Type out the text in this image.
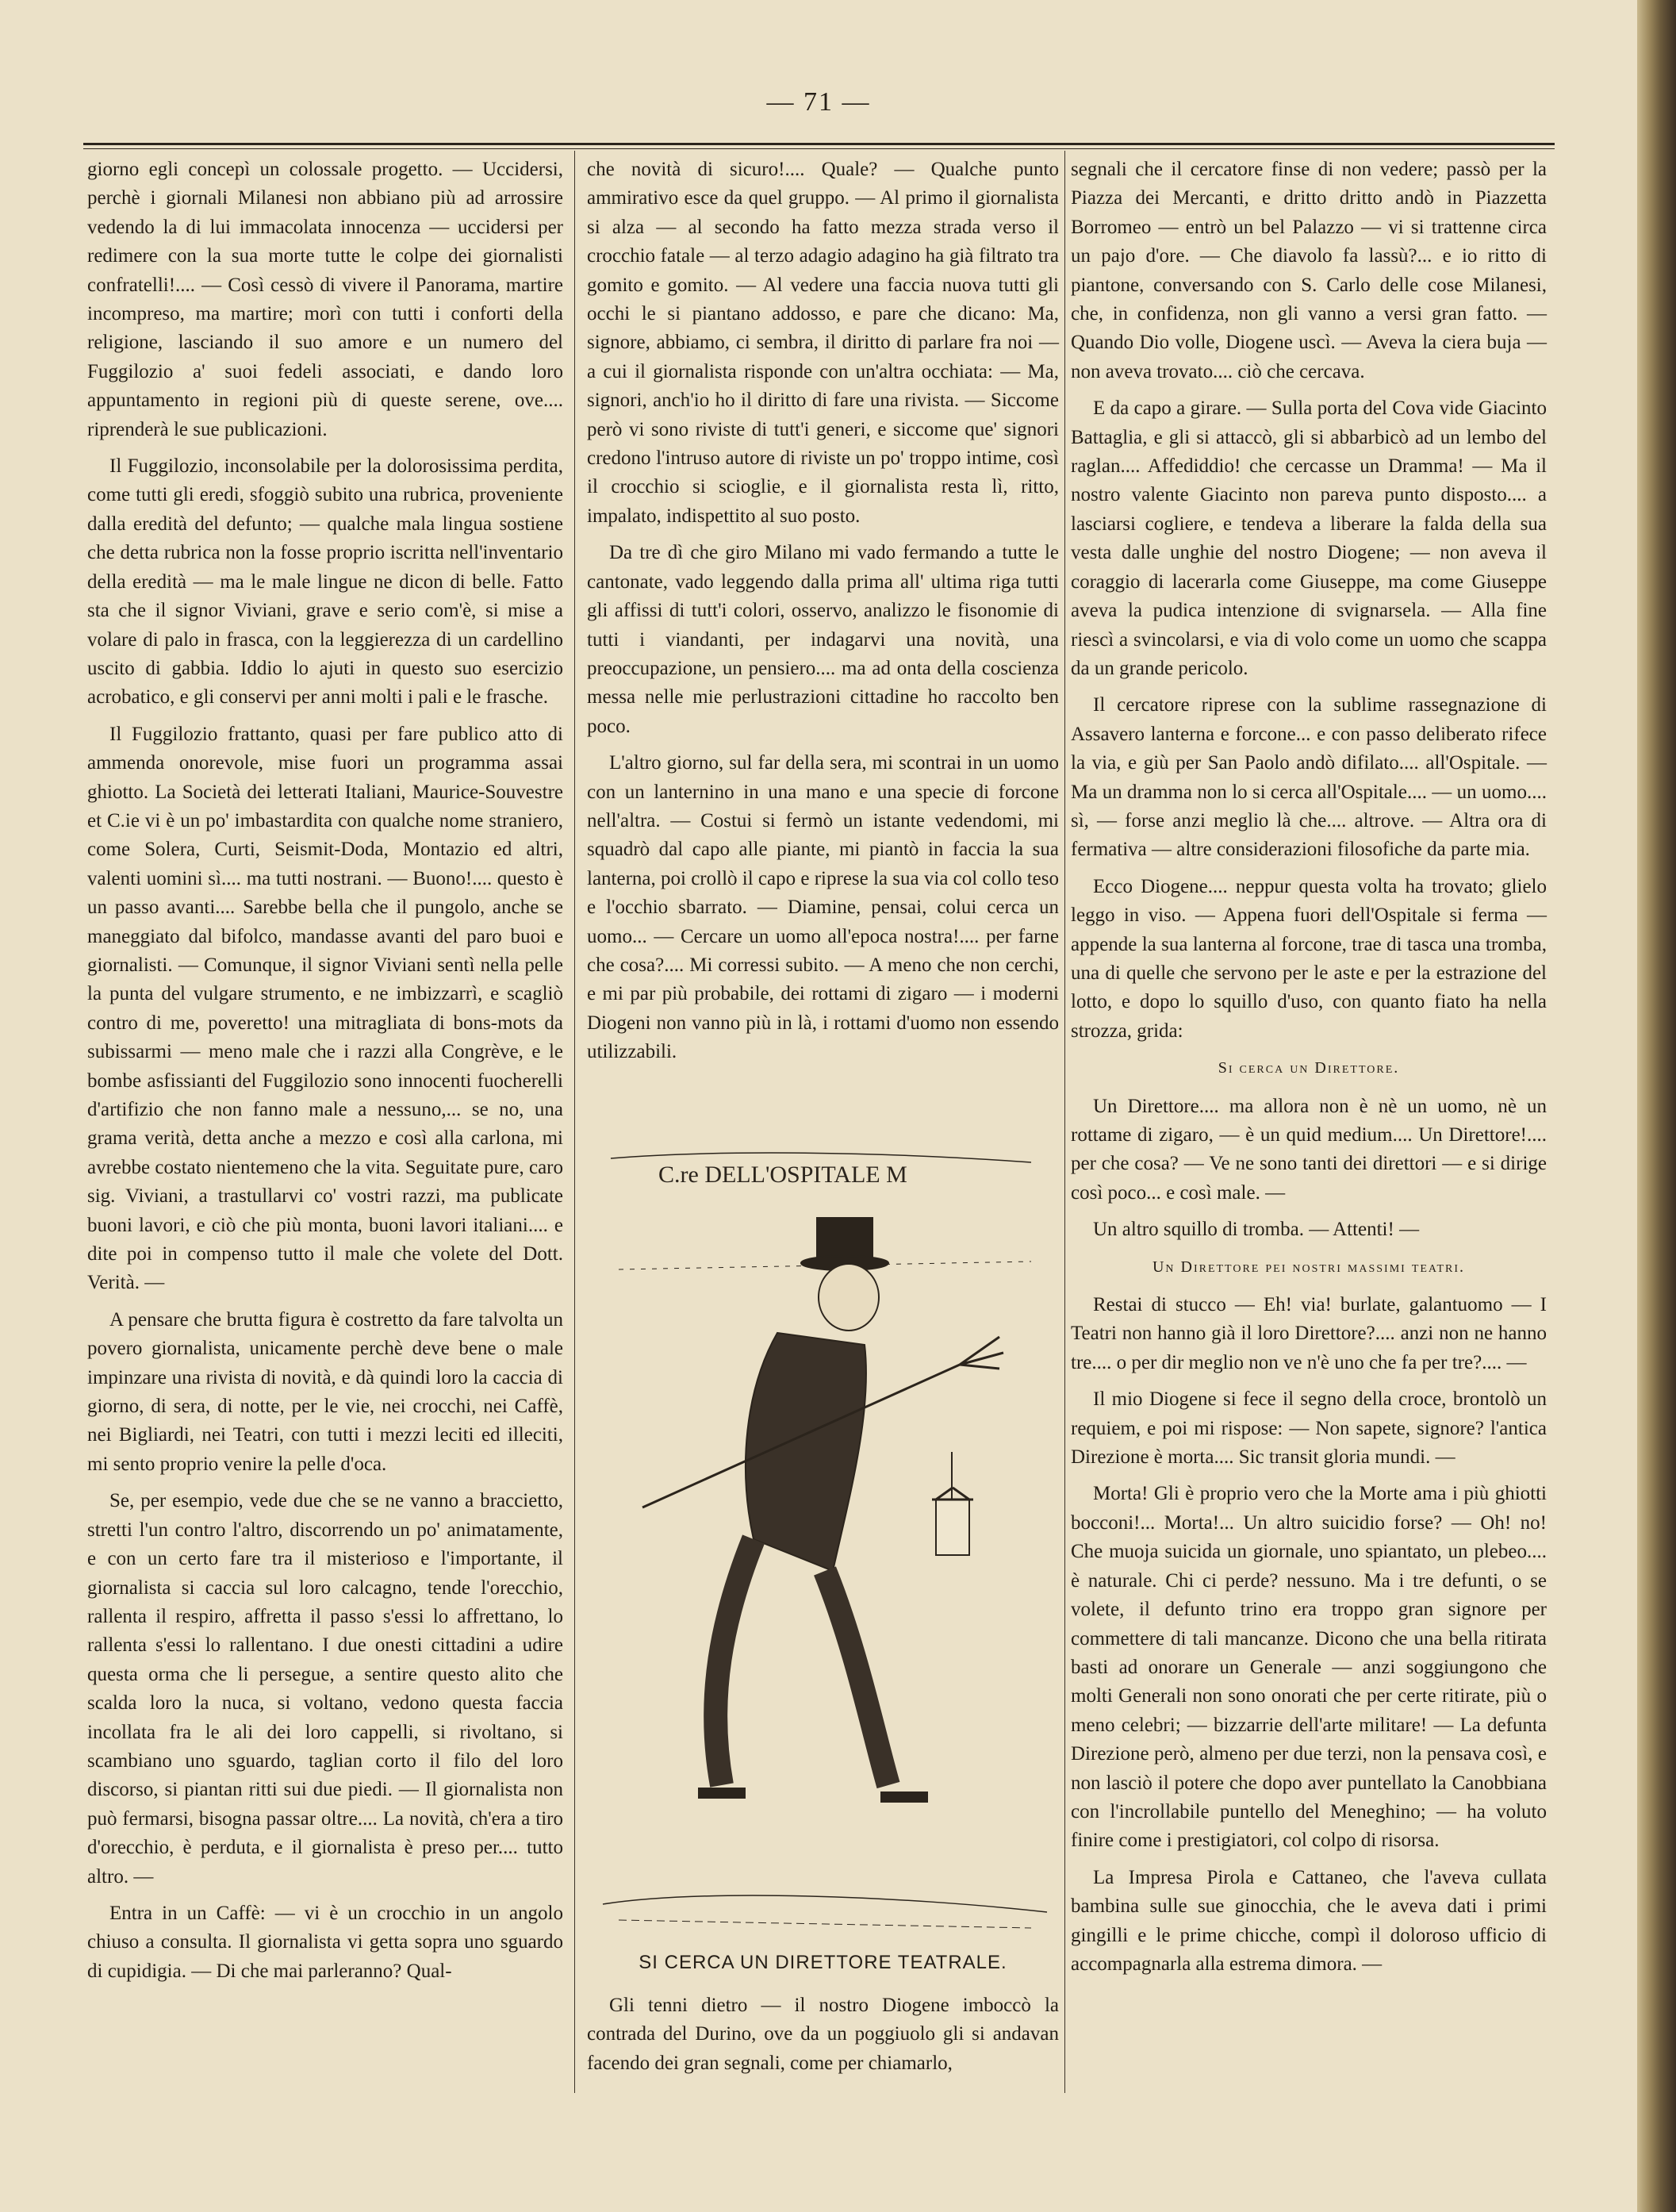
— 71 —

giorno egli concepì un colossale progetto. — Uccidersi, perchè i giornali Milanesi non abbiano più ad arrossire vedendo la di lui immacolata innocenza — uccidersi per redimere con la sua morte tutte le colpe dei giornalisti confratelli!.... — Così cessò di vivere il Panorama, martire incompreso, ma martire; morì con tutti i conforti della religione, lasciando il suo amore e un numero del Fuggilozio a' suoi fedeli associati, e dando loro appuntamento in regioni più di queste serene, ove.... riprenderà le sue publicazioni.

Il Fuggilozio, inconsolabile per la dolorosissima perdita, come tutti gli eredi, sfoggiò subito una rubrica, proveniente dalla eredità del defunto; — qualche mala lingua sostiene che detta rubrica non la fosse proprio iscritta nell'inventario della eredità — ma le male lingue ne dicon di belle. Fatto sta che il signor Viviani, grave e serio com'è, si mise a volare di palo in frasca, con la leggierezza di un cardellino uscito di gabbia. Iddio lo ajuti in questo suo esercizio acrobatico, e gli conservi per anni molti i pali e le frasche.

Il Fuggilozio frattanto, quasi per fare publico atto di ammenda onorevole, mise fuori un programma assai ghiotto. La Società dei letterati Italiani, Maurice-Souvestre et C.ie vi è un po' imbastardita con qualche nome straniero, come Solera, Curti, Seismit-Doda, Montazio ed altri, valenti uomini sì.... ma tutti nostrani. — Buono!.... questo è un passo avanti.... Sarebbe bella che il pungolo, anche se maneggiato dal bifolco, mandasse avanti del paro buoi e giornalisti. — Comunque, il signor Viviani sentì nella pelle la punta del vulgare strumento, e ne imbizzarrì, e scagliò contro di me, poveretto! una mitragliata di bons-mots da subissarmi — meno male che i razzi alla Congrève, e le bombe asfissianti del Fuggilozio sono innocenti fuocherelli d'artifizio che non fanno male a nessuno,... se no, una grama verità, detta anche a mezzo e così alla carlona, mi avrebbe costato nientemeno che la vita. Seguitate pure, caro sig. Viviani, a trastullarvi co' vostri razzi, ma publicate buoni lavori, e ciò che più monta, buoni lavori italiani.... e dite poi in compenso tutto il male che volete del Dott. Verità. —

A pensare che brutta figura è costretto da fare talvolta un povero giornalista, unicamente perchè deve bene o male impinzare una rivista di novità, e dà quindi loro la caccia di giorno, di sera, di notte, per le vie, nei crocchi, nei Caffè, nei Bigliardi, nei Teatri, con tutti i mezzi leciti ed illeciti, mi sento proprio venire la pelle d'oca.

Se, per esempio, vede due che se ne vanno a braccietto, stretti l'un contro l'altro, discorrendo un po' animatamente, e con un certo fare tra il misterioso e l'importante, il giornalista si caccia sul loro calcagno, tende l'orecchio, rallenta il respiro, affretta il passo s'essi lo affrettano, lo rallenta s'essi lo rallentano. I due onesti cittadini a udire questa orma che li persegue, a sentire questo alito che scalda loro la nuca, si voltano, vedono questa faccia incollata fra le ali dei loro cappelli, si rivoltano, si scambiano uno sguardo, taglian corto il filo del loro discorso, si piantan ritti sui due piedi. — Il giornalista non può fermarsi, bisogna passar oltre.... La novità, ch'era a tiro d'orecchio, è perduta, e il giornalista è preso per.... tutto altro. —

Entra in un Caffè: — vi è un crocchio in un angolo chiuso a consulta. Il giornalista vi getta sopra uno sguardo di cupidigia. — Di che mai parleranno? Qual-

che novità di sicuro!.... Quale? — Qualche punto ammirativo esce da quel gruppo. — Al primo il giornalista si alza — al secondo ha fatto mezza strada verso il crocchio fatale — al terzo adagio adagino ha già filtrato tra gomito e gomito. — Al vedere una faccia nuova tutti gli occhi le si piantano addosso, e pare che dicano: Ma, signore, abbiamo, ci sembra, il diritto di parlare fra noi — a cui il giornalista risponde con un'altra occhiata: — Ma, signori, anch'io ho il diritto di fare una rivista. — Siccome però vi sono riviste di tutt'i generi, e siccome que' signori credono l'intruso autore di riviste un po' troppo intime, così il crocchio si scioglie, e il giornalista resta lì, ritto, impalato, indispettito al suo posto.

Da tre dì che giro Milano mi vado fermando a tutte le cantonate, vado leggendo dalla prima all' ultima riga tutti gli affissi di tutt'i colori, osservo, analizzo le fisonomie di tutti i viandanti, per indagarvi una novità, una preoccupazione, un pensiero.... ma ad onta della coscienza messa nelle mie perlustrazioni cittadine ho raccolto ben poco.

L'altro giorno, sul far della sera, mi scontrai in un uomo con un lanternino in una mano e una specie di forcone nell'altra. — Costui si fermò un istante vedendomi, mi squadrò dal capo alle piante, mi piantò in faccia la sua lanterna, poi crollò il capo e riprese la sua via col collo teso e l'occhio sbarrato. — Diamine, pensai, colui cerca un uomo... — Cercare un uomo all'epoca nostra!.... per farne che cosa?.... Mi corressi subito. — A meno che non cerchi, e mi par più probabile, dei rottami di zigaro — i moderni Diogeni non vanno più in là, i rottami d'uomo non essendo utilizzabili.

C.re DELL'OSPITALE M
SI CERCA UN DIRETTORE TEATRALE.

Gli tenni dietro — il nostro Diogene imboccò la contrada del Durino, ove da un poggiuolo gli si andavan facendo dei gran segnali, come per chiamarlo,

segnali che il cercatore finse di non vedere; passò per la Piazza dei Mercanti, e dritto dritto andò in Piazzetta Borromeo — entrò un bel Palazzo — vi si trattenne circa un pajo d'ore. — Che diavolo fa lassù?... e io ritto di piantone, conversando con S. Carlo delle cose Milanesi, che, in confidenza, non gli vanno a versi gran fatto. — Quando Dio volle, Diogene uscì. — Aveva la ciera buja — non aveva trovato.... ciò che cercava.

E da capo a girare. — Sulla porta del Cova vide Giacinto Battaglia, e gli si attaccò, gli si abbarbicò ad un lembo del raglan.... Affediddio! che cercasse un Dramma! — Ma il nostro valente Giacinto non pareva punto disposto.... a lasciarsi cogliere, e tendeva a liberare la falda della sua vesta dalle unghie del nostro Diogene; — non aveva il coraggio di lacerarla come Giuseppe, ma come Giuseppe aveva la pudica intenzione di svignarsela. — Alla fine riescì a svincolarsi, e via di volo come un uomo che scappa da un grande pericolo.

Il cercatore riprese con la sublime rassegnazione di Assavero lanterna e forcone... e con passo deliberato rifece la via, e giù per San Paolo andò difilato.... all'Ospitale. — Ma un dramma non lo si cerca all'Ospitale.... — un uomo.... sì, — forse anzi meglio là che.... altrove. — Altra ora di fermativa — altre considerazioni filosofiche da parte mia.

Ecco Diogene.... neppur questa volta ha trovato; glielo leggo in viso. — Appena fuori dell'Ospitale si ferma — appende la sua lanterna al forcone, trae di tasca una tromba, una di quelle che servono per le aste e per la estrazione del lotto, e dopo lo squillo d'uso, con quanto fiato ha nella strozza, grida:

Si cerca un Direttore.

Un Direttore.... ma allora non è nè un uomo, nè un rottame di zigaro, — è un quid medium.... Un Direttore!.... per che cosa? — Ve ne sono tanti dei direttori — e si dirige così poco... e così male. —

Un altro squillo di tromba. — Attenti! —

Un Direttore pei nostri massimi teatri.

Restai di stucco — Eh! via! burlate, galantuomo — I Teatri non hanno già il loro Direttore?.... anzi non ne hanno tre.... o per dir meglio non ve n'è uno che fa per tre?.... —

Il mio Diogene si fece il segno della croce, brontolò un requiem, e poi mi rispose: — Non sapete, signore? l'antica Direzione è morta.... Sic transit gloria mundi. —

Morta! Gli è proprio vero che la Morte ama i più ghiotti bocconi!... Morta!... Un altro suicidio forse? — Oh! no! Che muoja suicida un giornale, uno spiantato, un plebeo.... è naturale. Chi ci perde? nessuno. Ma i tre defunti, o se volete, il defunto trino era troppo gran signore per commettere di tali mancanze. Dicono che una bella ritirata basti ad onorare un Generale — anzi soggiungono che molti Generali non sono onorati che per certe ritirate, più o meno celebri; — bizzarrie dell'arte militare! — La defunta Direzione però, almeno per due terzi, non la pensava così, e non lasciò il potere che dopo aver puntellato la Canobbiana con l'incrollabile puntello del Meneghino; — ha voluto finire come i prestigiatori, col colpo di risorsa.

La Impresa Pirola e Cattaneo, che l'aveva cullata bambina sulle sue ginocchia, che le aveva dati i primi gingilli e le prime chicche, compì il doloroso ufficio di accompagnarla alla estrema dimora. —
